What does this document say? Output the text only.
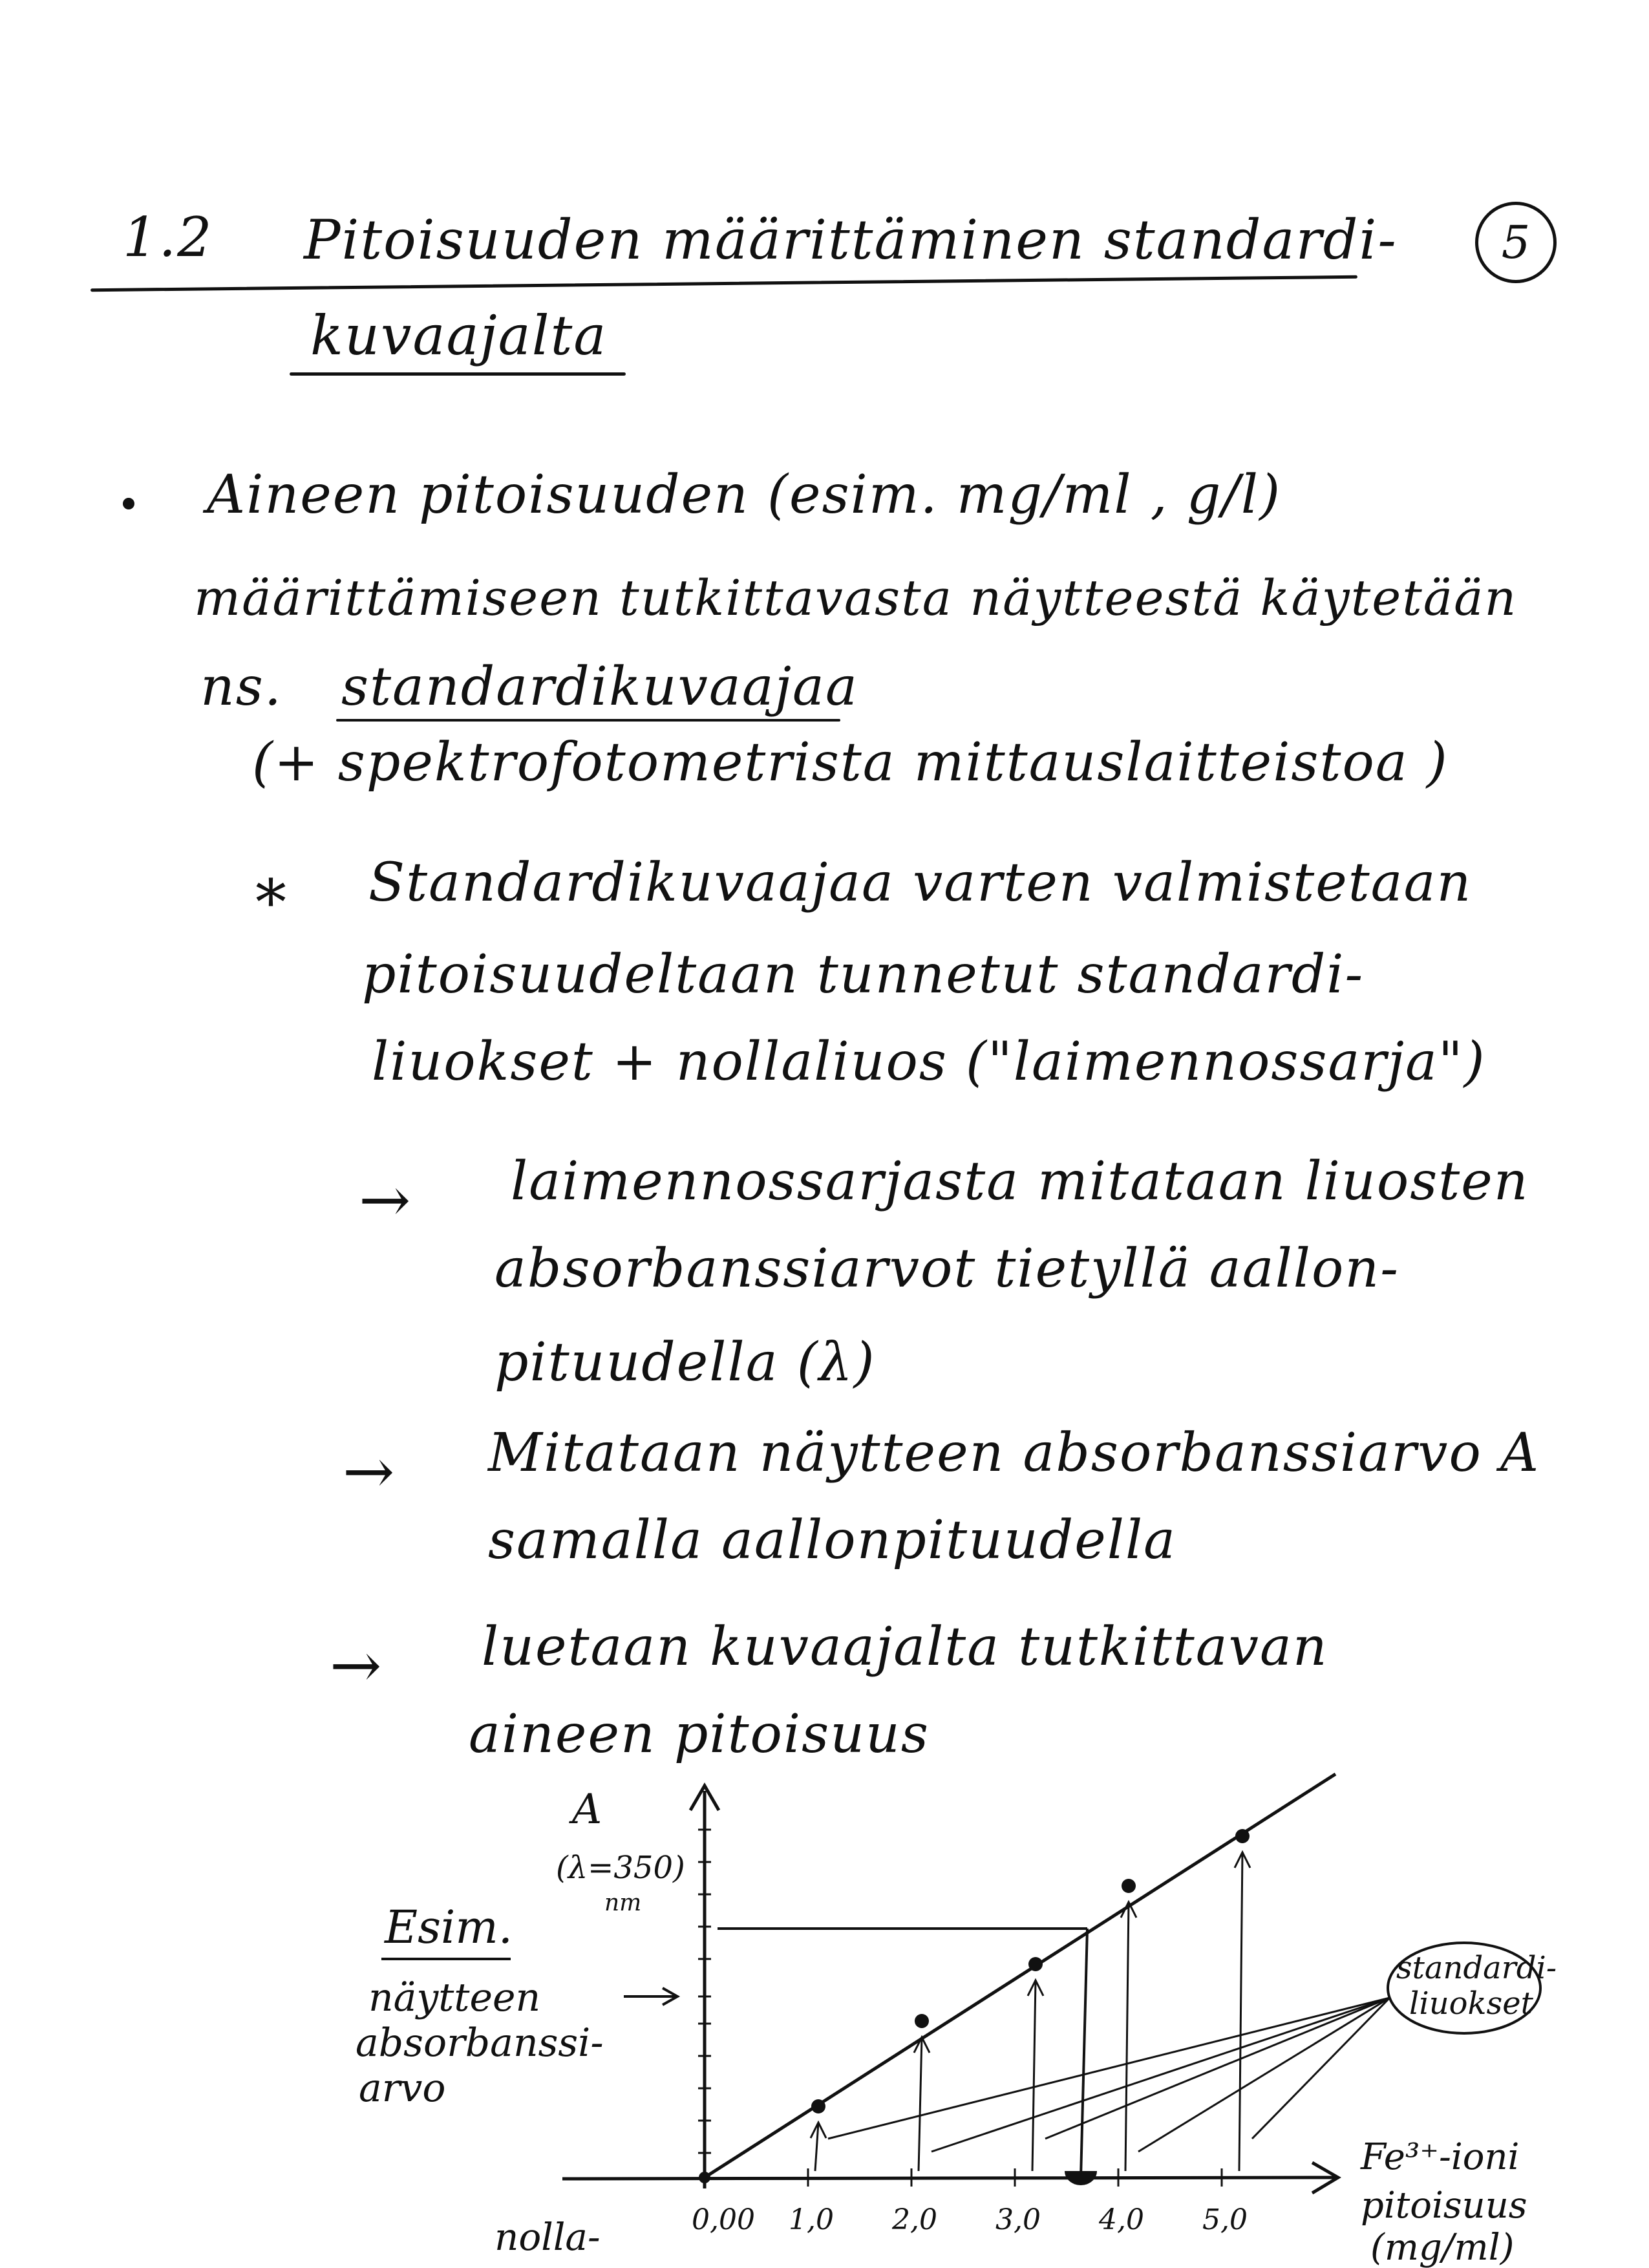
1.2 Pitoisuuden määrittäminen standardi-
kuvaajalta
5
Aineen pitoisuuden (esim. mg/ml , g/l)
määrittämiseen tutkittavasta näytteestä käytetään
ns. standardikuvaajaa
(+ spektrofotometrista mittauslaitteistoa )
* Standardikuvaajaa varten valmistetaan
pitoisuudeltaan tunnetut standardi-
liuokset + nollaliuos ("laimennossarja")
→ laimennossarjasta mitataan liuosten
absorbanssiarvot tietyllä aallon-
pituudella (λ)
→ Mitataan näytteen absorbanssiarvo A
samalla aallonpituudella
→ luetaan kuvaajalta tutkittavan
aineen pitoisuus
Esim.
A
(λ=350)
nm
näytteen
absorbanssi-
arvo
0,00 1,0 2,0 3,0 4,0 5,0
standardi-
liuokset
Fe³⁺-ioni
pitoisuus
(mg/ml)
nolla-
